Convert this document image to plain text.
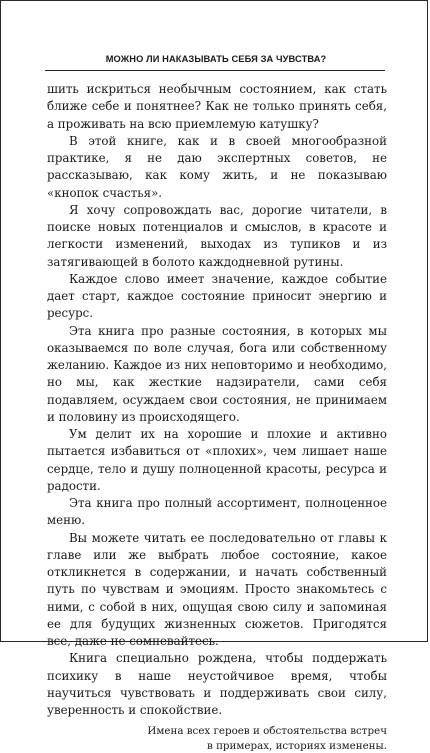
МОЖНО ЛИ НАКАЗЫВАТЬ СЕБЯ ЗА ЧУВСТВА?

шить искриться необычным состоянием, как стать ближе себе и понятнее? Как не только принять себя, а проживать на всю приемлемую катушку?

В этой книге, как и в своей многообразной практике, я не даю экспертных советов, не рассказываю, как кому жить, и не показываю «кнопок счастья».

Я хочу сопровождать вас, дорогие читатели, в поиске новых потенциалов и смыслов, в красоте и легкости изменений, выходах из тупиков и из затягивающей в болото каждодневной рутины.

Каждое слово имеет значение, каждое событие дает старт, каждое состояние приносит энергию и ресурс.

Эта книга про разные состояния, в которых мы оказываемся по воле случая, бога или собственному желанию. Каждое из них неповторимо и необходимо, но мы, как жесткие надзиратели, сами себя подавляем, осуждаем свои состояния, не принимаем и половину из происходящего.

Ум делит их на хорошие и плохие и активно пытается избавиться от «плохих», чем лишает наше сердце, тело и душу полноценной красоты, ресурса и радости.

Эта книга про полный ассортимент, полноценное меню.

Вы можете читать ее последовательно от главы к главе или же выбрать любое состояние, какое откликнется в содержании, и начать собственный путь по чувствам и эмоциям. Просто знакомьтесь с ними, с собой в них, ощущая свою силу и запоминая ее для будущих жизненных сюжетов. Пригодятся все, даже не сомневайтесь.

Книга специально рождена, чтобы поддержать психику в наше неустойчивое время, чтобы научиться чувствовать и поддерживать свои силу, уверенность и спокойствие.

Имена всех героев и обстоятельства встреч
в примерах, историях изменены.
